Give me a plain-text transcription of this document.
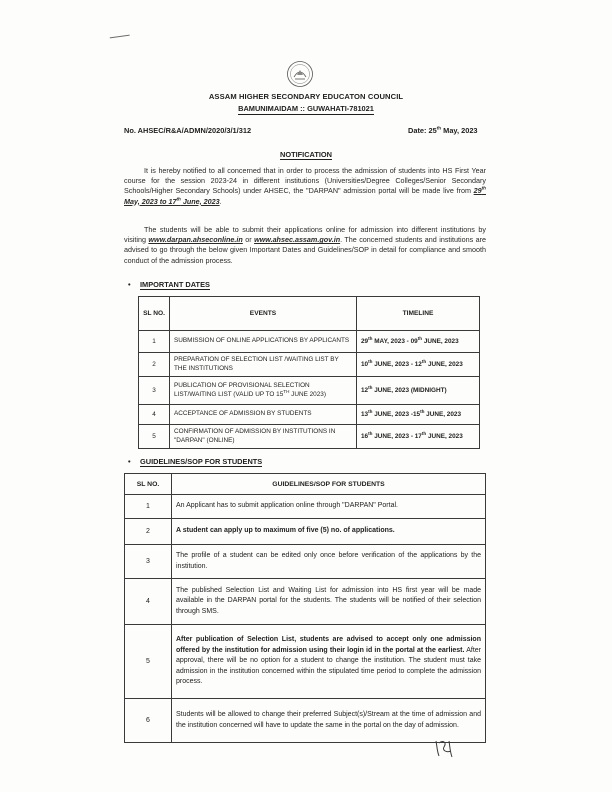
ASSAM HIGHER SECONDARY EDUCATON COUNCIL
BAMUNIMAIDAM :: GUWAHATI-781021
No. AHSEC/R&A/ADMN/2020/3/1/312	Date: 25th May, 2023
NOTIFICATION
It is hereby notified to all concerned that in order to process the admission of students into HS First Year course for the session 2023-24 in different institutions (Universities/Degree Colleges/Senior Secondary Schools/Higher Secondary Schools) under AHSEC, the "DARPAN" admission portal will be made live from 29th May, 2023 to 17th June, 2023.
The students will be able to submit their applications online for admission into different institutions by visiting www.darpan.ahseconline.in or www.ahsec.assam.gov.in. The concerned students and institutions are advised to go through the below given Important Dates and Guidelines/SOP in detail for compliance and smooth conduct of the admission process.
• IMPORTANT DATES
SL NO.	EVENTS	TIMELINE
1	SUBMISSION OF ONLINE APPLICATIONS BY APPLICANTS	29th MAY, 2023 - 09th JUNE, 2023
2	PREPARATION OF SELECTION LIST /WAITING LIST BY THE INSTITUTIONS	10th JUNE, 2023 - 12th JUNE, 2023
3	PUBLICATION OF PROVISIONAL SELECTION LIST/WAITING LIST (VALID UP TO 15TH JUNE 2023)	12th JUNE, 2023 (MIDNIGHT)
4	ACCEPTANCE OF ADMISSION BY STUDENTS	13th JUNE, 2023 -15th JUNE, 2023
5	CONFIRMATION OF ADMISSION BY INSTITUTIONS IN "DARPAN" (ONLINE)	16th JUNE, 2023 - 17th JUNE, 2023
• GUIDELINES/SOP FOR STUDENTS
SL NO.	GUIDELINES/SOP FOR STUDENTS
1	An Applicant has to submit application online through "DARPAN" Portal.
2	A student can apply up to maximum of five (5) no. of applications.
3	The profile of a student can be edited only once before verification of the applications by the institution.
4	The published Selection List and Waiting List for admission into HS first year will be made available in the DARPAN portal for the students. The students will be notified of their selection through SMS.
5	After publication of Selection List, students are advised to accept only one admission offered by the institution for admission using their login id in the portal at the earliest. After approval, there will be no option for a student to change the institution. The student must take admission in the institution concerned within the stipulated time period to complete the admission process.
6	Students will be allowed to change their preferred Subject(s)/Stream at the time of admission and the institution concerned will have to update the same in the portal on the day of admission.
